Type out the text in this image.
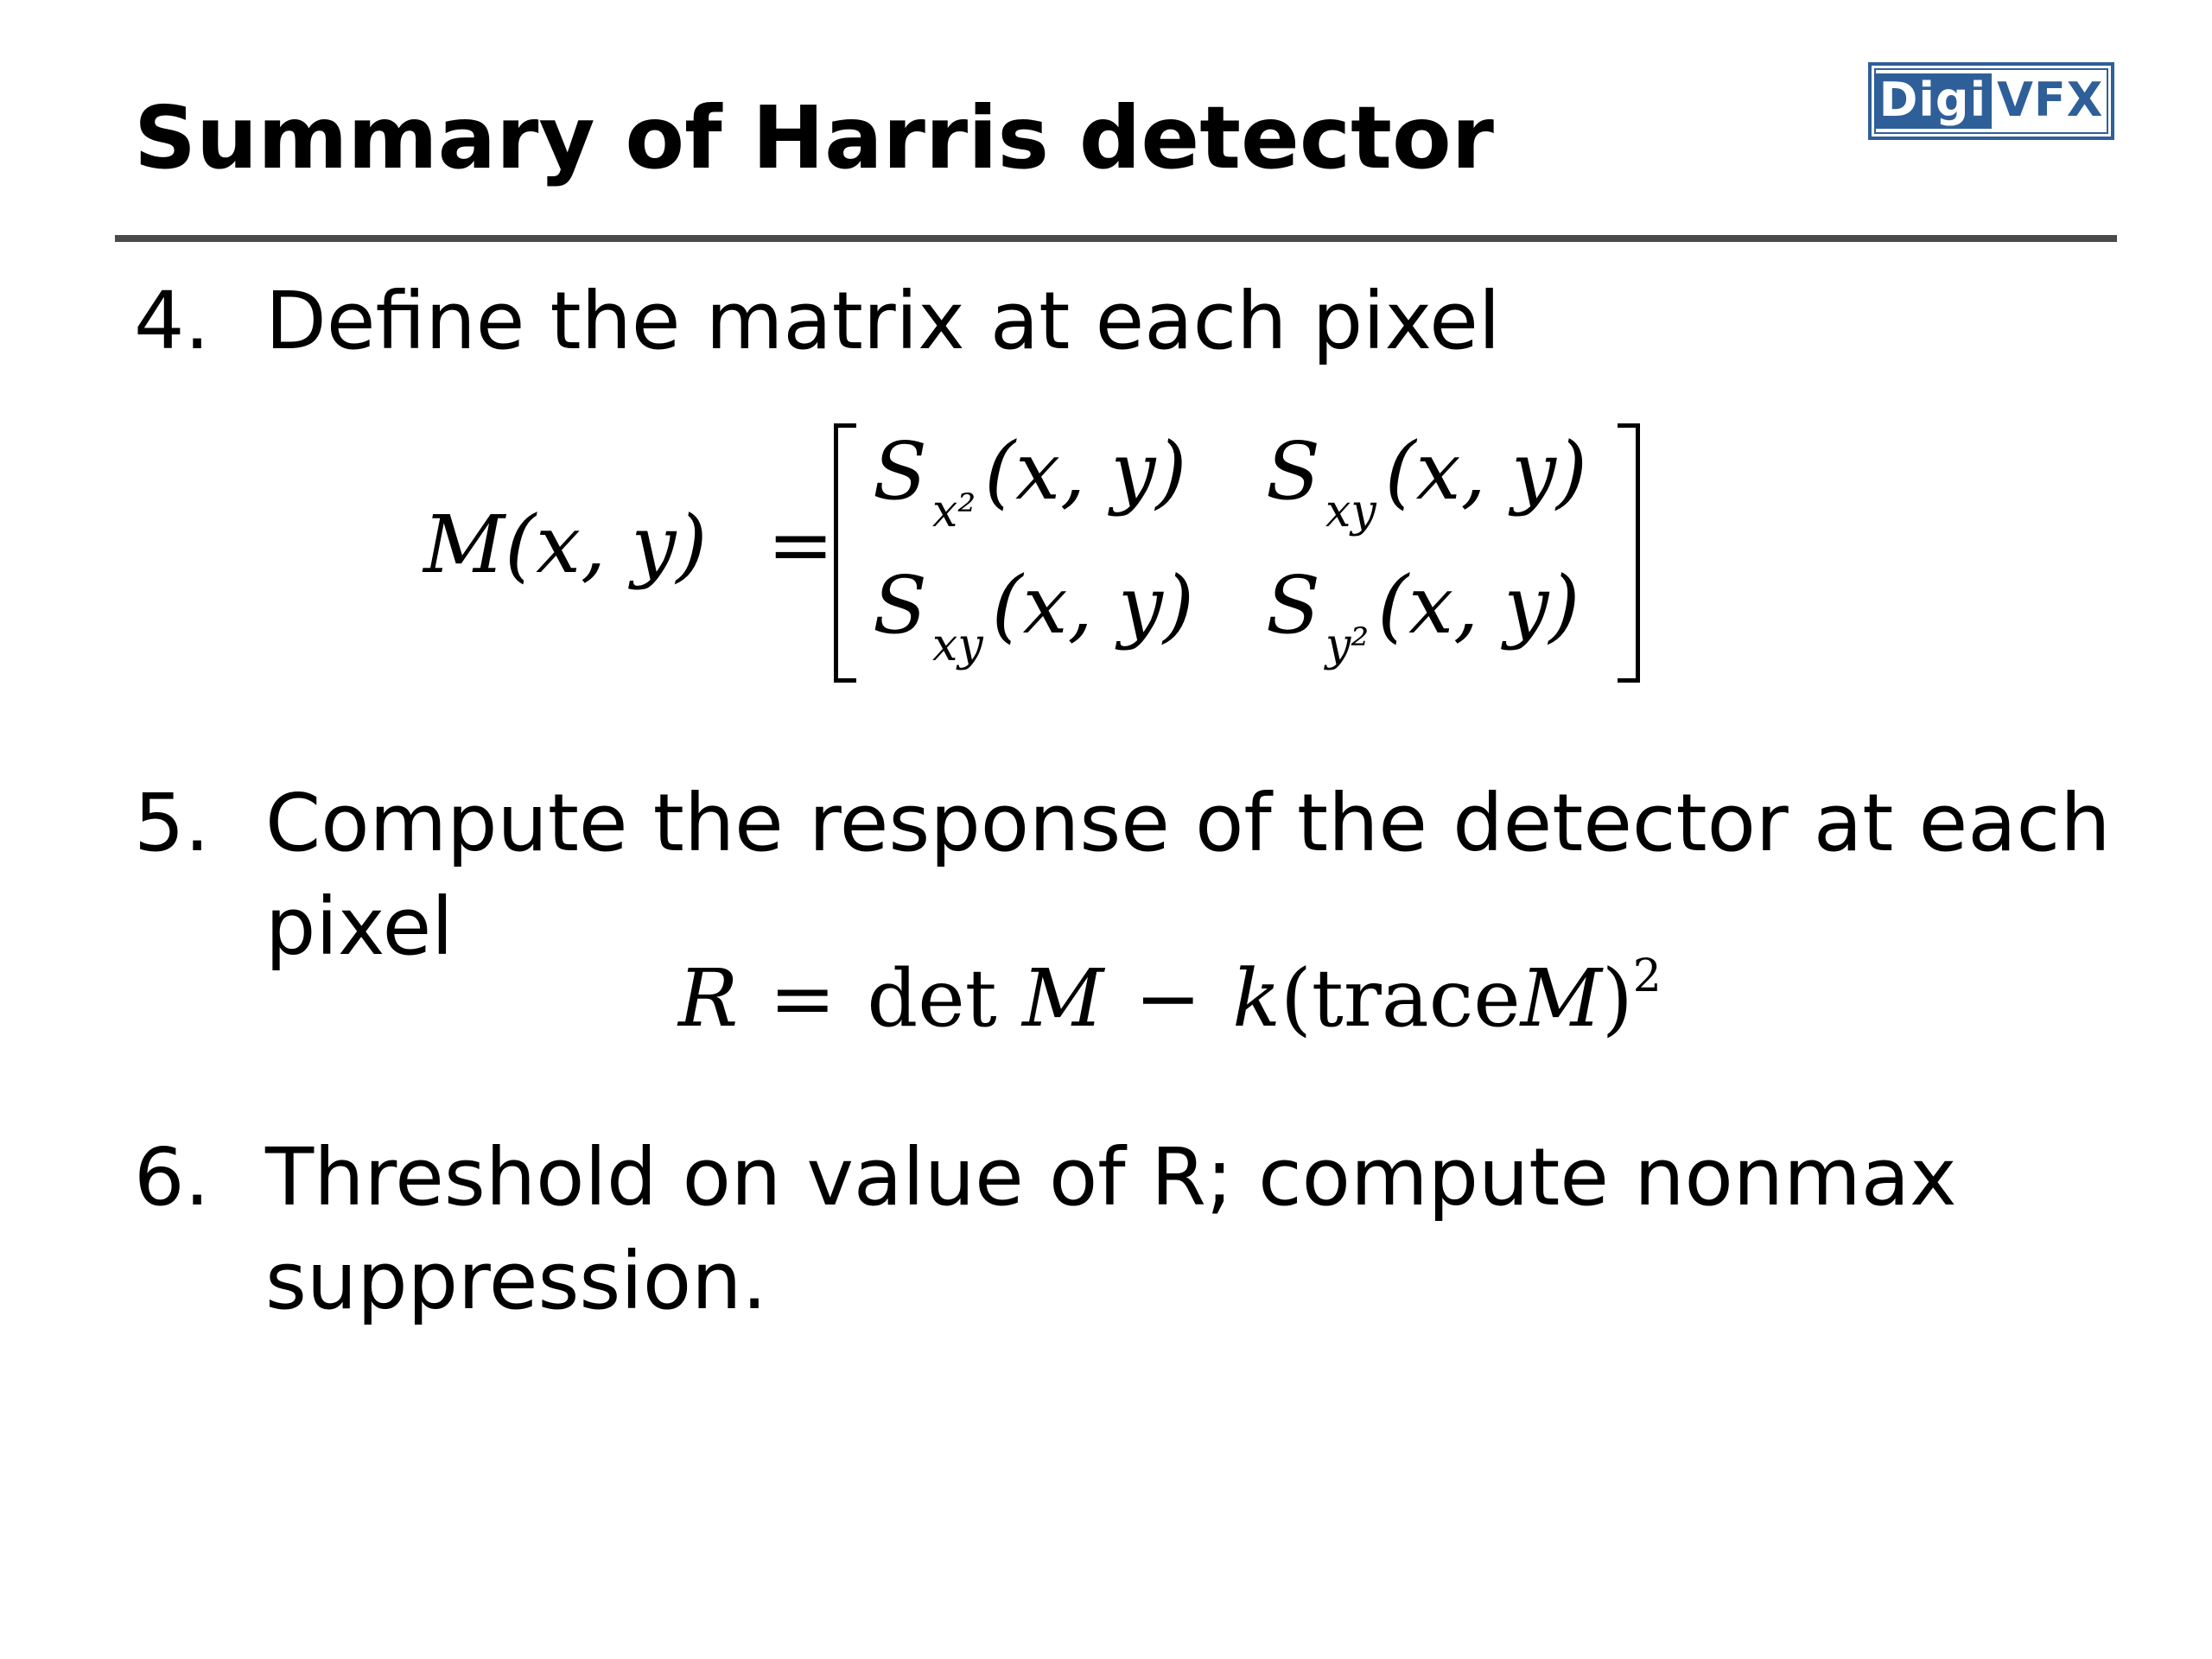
Summary of Harris detector	Digi VFX
4. Define the matrix at each pixel
M(x, y) =
S $_{x^2}$ (x, y) S $_{xy}$ (x, y)
S $_{xy}$ (x, y) S $_{y^2}$ (x, y)
5. Compute the response of the detector at each pixel
R = det M − k(traceM)$^2$
6. Threshold on value of R; compute nonmax suppression.
